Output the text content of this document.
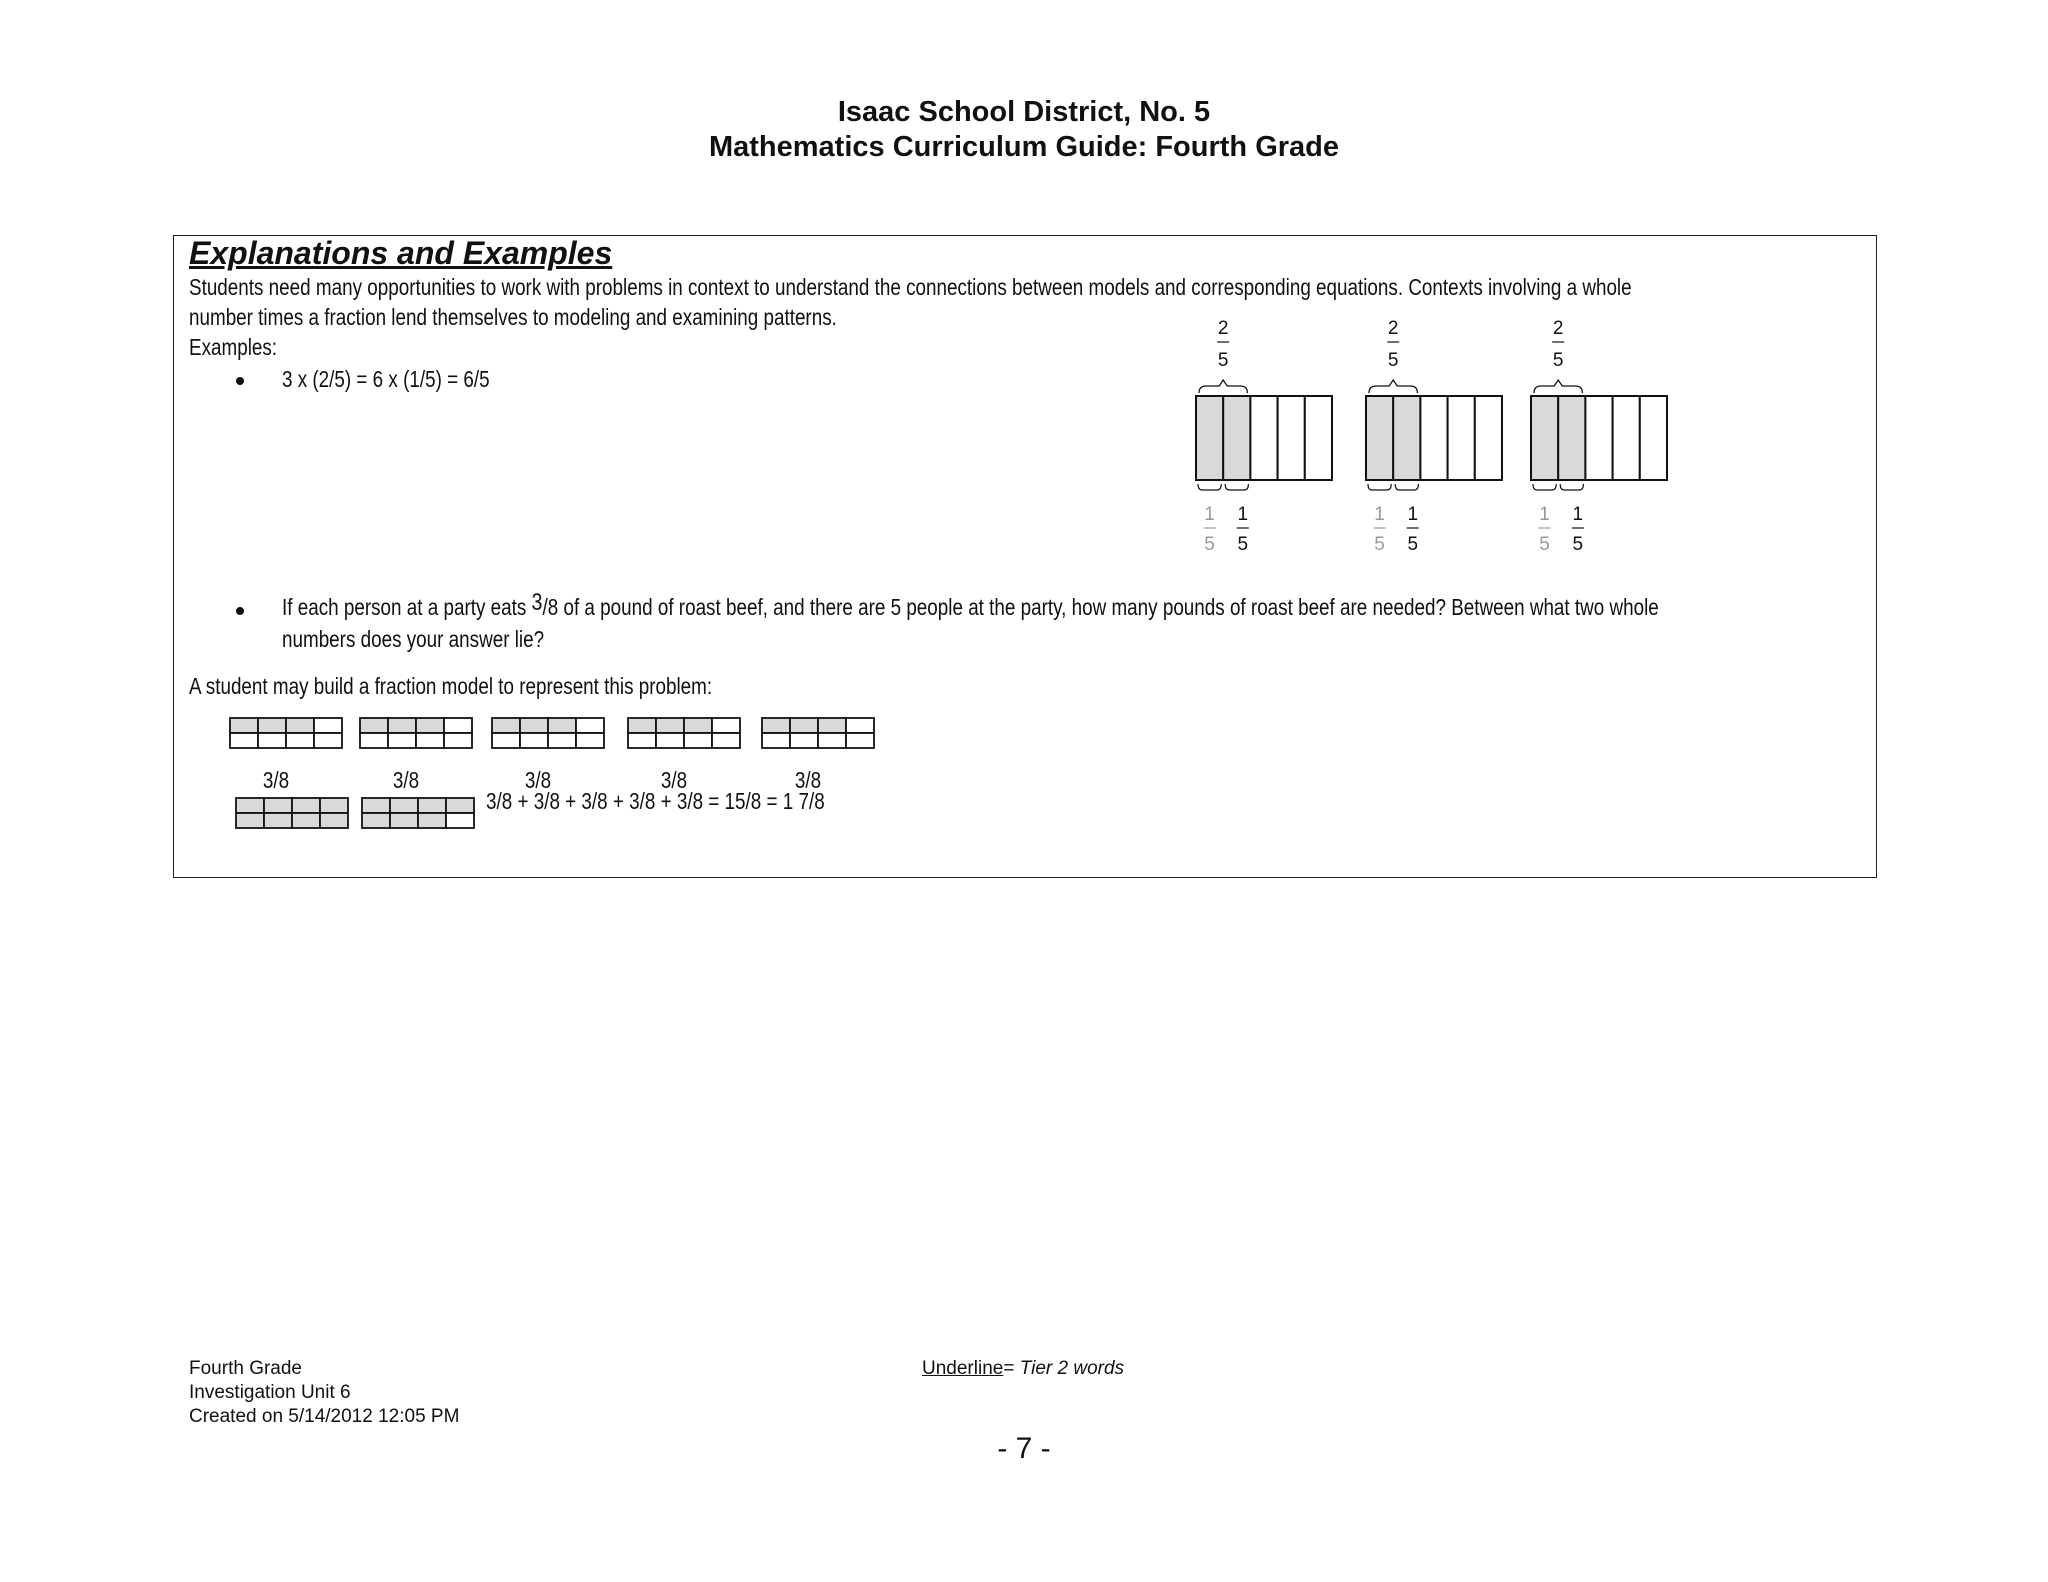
Isaac School District, No. 5
Mathematics Curriculum Guide: Fourth Grade
Explanations and Examples
Students need many opportunities to work with problems in context to understand the connections between models and corresponding equations. Contexts involving a whole
number times a fraction lend themselves to modeling and examining patterns.
Examples:
3 x (2/5) = 6 x (1/5) = 6/5
2
5
1
5
1
5
2
5
1
5
1
5
2
5
1
5
1
5
If each person at a party eats 3/8 of a pound of roast beef, and there are 5 people at the party, how many pounds of roast beef are needed? Between what two whole
numbers does your answer lie?
A student may build a fraction model to represent this problem:
3/8	3/8	3/8	3/8	3/8
3/8 + 3/8 + 3/8 + 3/8 + 3/8 = 15/8 = 1 7/8
Fourth Grade
Investigation Unit 6
Created on 5/14/2012 12:05 PM
Underline= Tier 2 words
- 7 -
